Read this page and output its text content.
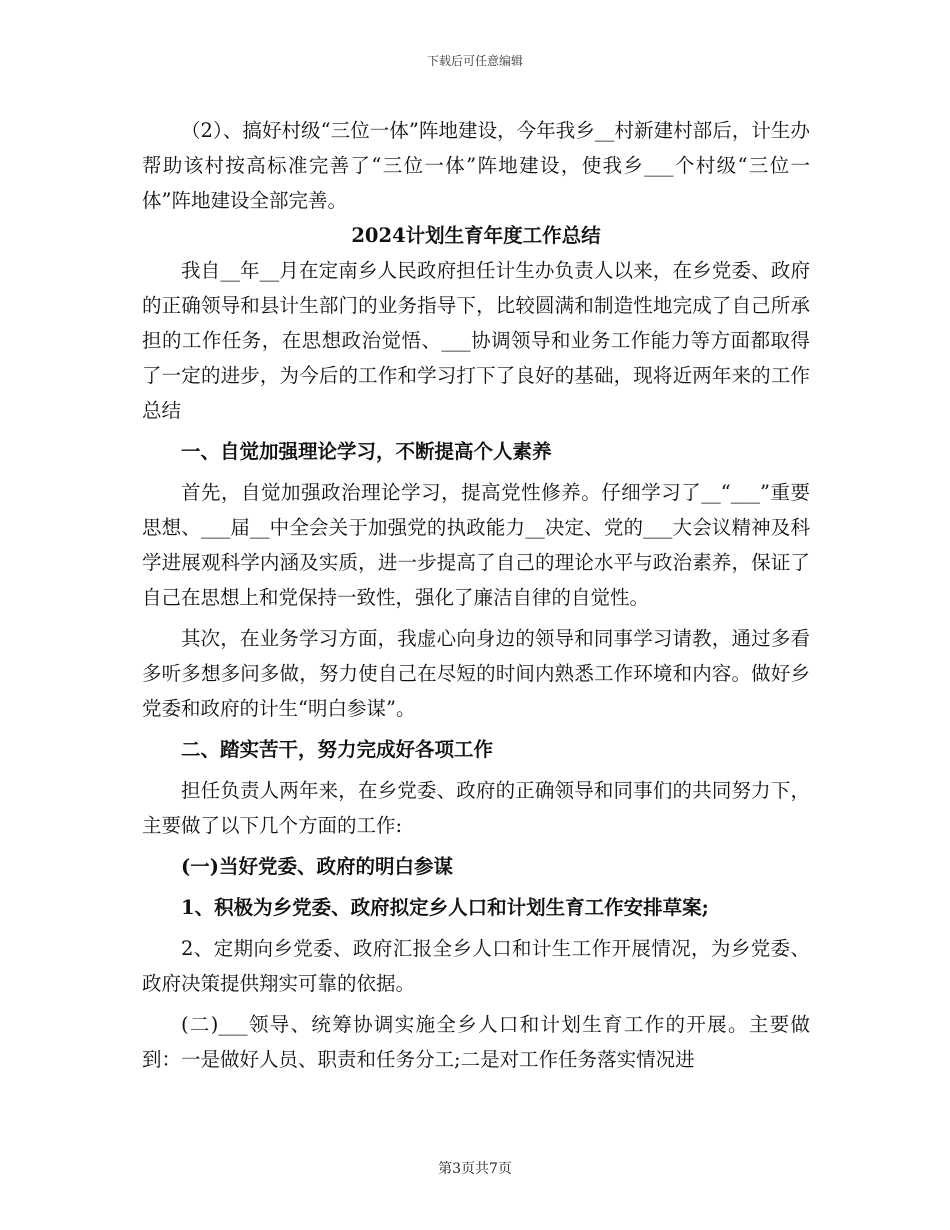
下载后可任意编辑

（2）、搞好村级“三位一体”阵地建设，今年我乡__村新建村部后，计生办帮助该村按高标准完善了“三位一体”阵地建设，使我乡___个村级“三位一体”阵地建设全部完善。

2024计划生育年度工作总结

我自__年__月在定南乡人民政府担任计生办负责人以来，在乡党委、政府的正确领导和县计生部门的业务指导下，比较圆满和制造性地完成了自己所承担的工作任务，在思想政治觉悟、___协调领导和业务工作能力等方面都取得了一定的进步，为今后的工作和学习打下了良好的基础，现将近两年来的工作总结

一、自觉加强理论学习，不断提高个人素养

首先，自觉加强政治理论学习，提高党性修养。仔细学习了__“___”重要思想、___届__中全会关于加强党的执政能力__决定、党的___大会议精神及科学进展观科学内涵及实质，进一步提高了自己的理论水平与政治素养，保证了自己在思想上和党保持一致性，强化了廉洁自律的自觉性。

其次，在业务学习方面，我虚心向身边的领导和同事学习请教，通过多看多听多想多问多做，努力使自己在尽短的时间内熟悉工作环境和内容。做好乡党委和政府的计生“明白参谋”。

二、踏实苦干，努力完成好各项工作

担任负责人两年来，在乡党委、政府的正确领导和同事们的共同努力下，主要做了以下几个方面的工作:

(一)当好党委、政府的明白参谋

1、积极为乡党委、政府拟定乡人口和计划生育工作安排草案;

2、定期向乡党委、政府汇报全乡人口和计生工作开展情况，为乡党委、政府决策提供翔实可靠的依据。

(二)___领导、统筹协调实施全乡人口和计划生育工作的开展。主要做到：一是做好人员、职责和任务分工;二是对工作任务落实情况进

第3页共7页
